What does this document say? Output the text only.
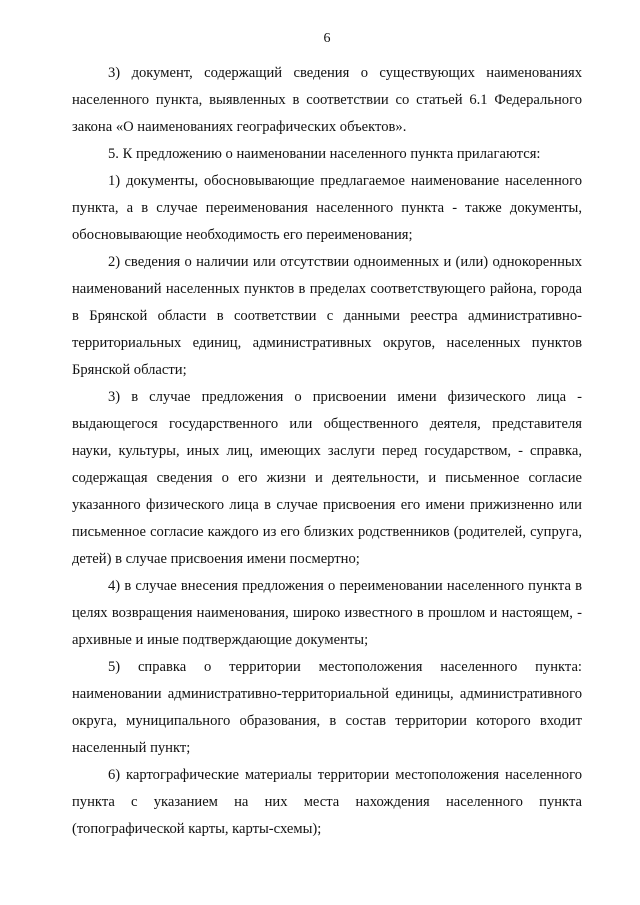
6

3) документ, содержащий сведения о существующих наименованиях населенного пункта, выявленных в соответствии со статьей 6.1 Федерального закона «О наименованиях географических объектов».

5. К предложению о наименовании населенного пункта прилагаются:

1) документы, обосновывающие предлагаемое наименование населенного пункта, а в случае переименования населенного пункта - также документы, обосновывающие необходимость его переименования;

2) сведения о наличии или отсутствии одноименных и (или) однокоренных наименований населенных пунктов в пределах соответствующего района, города в Брянской области в соответствии с данными реестра административно-территориальных единиц, административных округов, населенных пунктов Брянской области;

3) в случае предложения о присвоении имени физического лица - выдающегося государственного или общественного деятеля, представителя науки, культуры, иных лиц, имеющих заслуги перед государством, - справка, содержащая сведения о его жизни и деятельности, и письменное согласие указанного физического лица в случае присвоения его имени прижизненно или письменное согласие каждого из его близких родственников (родителей, супруга, детей) в случае присвоения имени посмертно;

4) в случае внесения предложения о переименовании населенного пункта в целях возвращения наименования, широко известного в прошлом и настоящем, - архивные и иные подтверждающие документы;

5) справка о территории местоположения населенного пункта: наименовании административно-территориальной единицы, административного округа, муниципального образования, в состав территории которого входит населенный пункт;

6) картографические материалы территории местоположения населенного пункта с указанием на них места нахождения населенного пункта (топографической карты, карты-схемы);
